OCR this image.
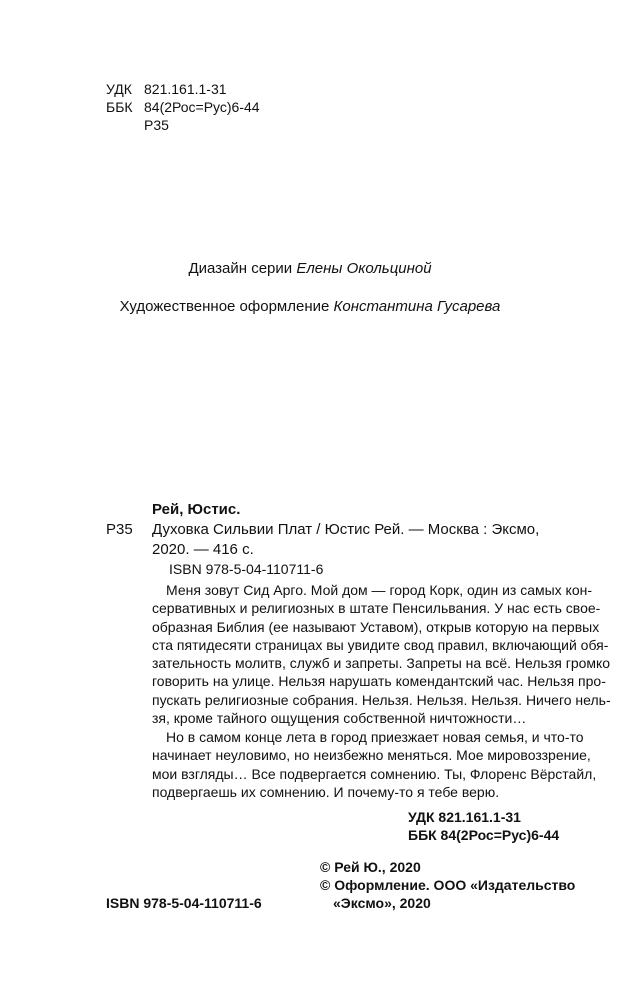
УДК 821.161.1-31
ББК 84(2Рос=Рус)6-44
Р35
Диазайн серии Елены Окольциной
Художественное оформление Константина Гусарева
Рей, Юстис.
Р35 Духовка Сильвии Плат / Юстис Рей. — Москва : Эксмо,
2020. — 416 с.
ISBN 978-5-04-110711-6
Меня зовут Сид Арго. Мой дом — город Корк, один из самых кон-
сервативных и религиозных в штате Пенсильвания. У нас есть свое-
образная Библия (ее называют Уставом), открыв которую на первых
ста пятидесяти страницах вы увидите свод правил, включающий обя-
зательность молитв, служб и запреты. Запреты на всё. Нельзя громко
говорить на улице. Нельзя нарушать комендантский час. Нельзя про-
пускать религиозные собрания. Нельзя. Нельзя. Нельзя. Ничего нель-
зя, кроме тайного ощущения собственной ничтожности…
Но в самом конце лета в город приезжает новая семья, и что-то
начинает неуловимо, но неизбежно меняться. Мое мировоззрение,
мои взгляды… Все подвергается сомнению. Ты, Флоренс Вёрстайл,
подвергаешь их сомнению. И почему-то я тебе верю.
УДК 821.161.1-31
ББК 84(2Рос=Рус)6-44
© Рей Ю., 2020
© Оформление. ООО «Издательство
«Эксмо», 2020
ISBN 978-5-04-110711-6
